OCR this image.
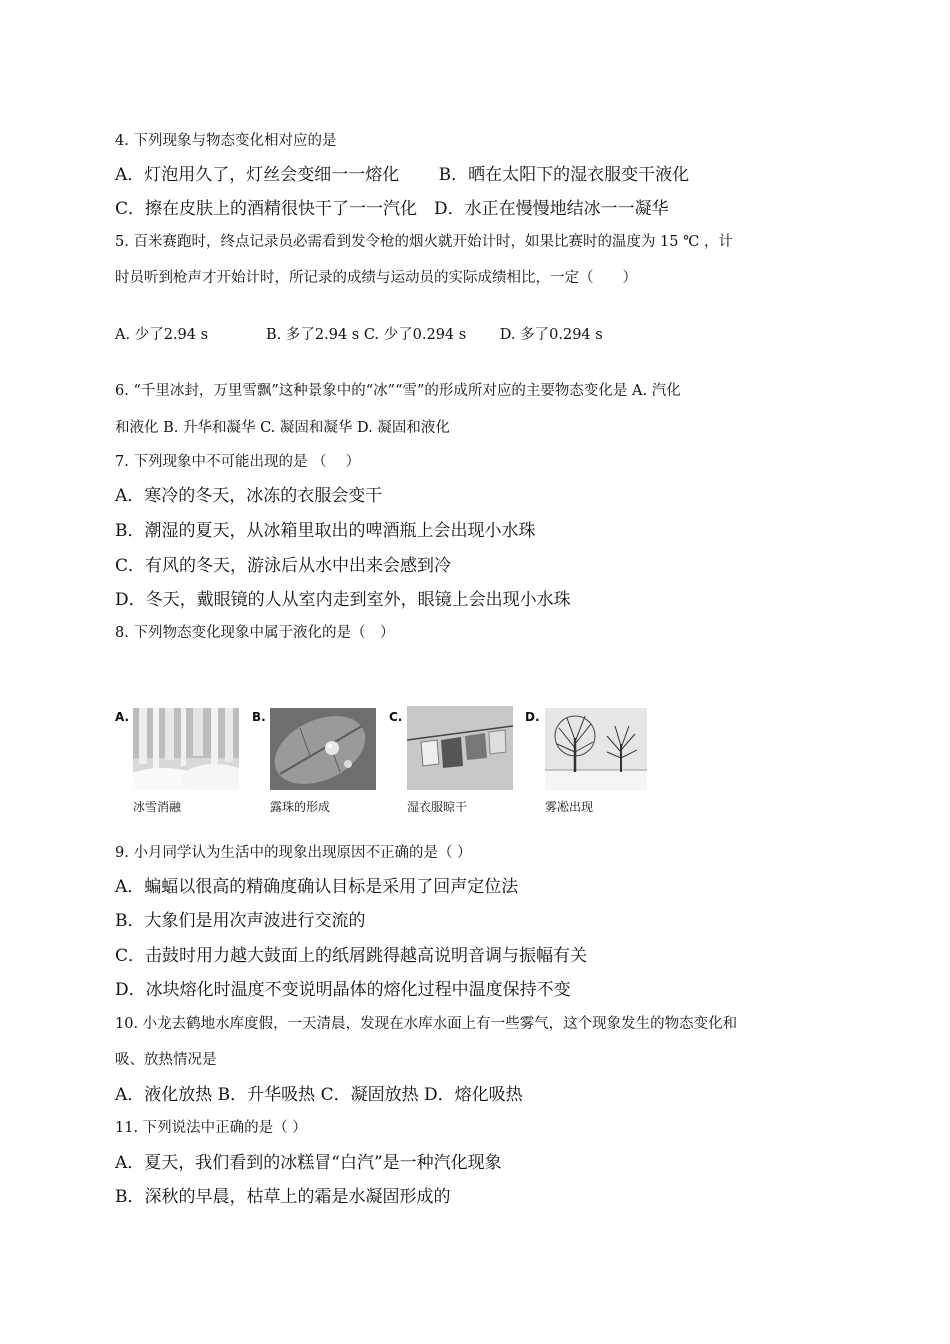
4. 下列现象与物态变化相对应的是
A．灯泡用久了，灯丝会变细一一熔化　　 B．晒在太阳下的湿衣服变干液化
C．擦在皮肤上的酒精很快干了一一汽化　D．水正在慢慢地结冰一一凝华
5. 百米赛跑时，终点记录员必需看到发令枪的烟火就开始计时，如果比赛时的温度为 15 ℃ ，计
时员听到枪声才开始计时，所记录的成绩与运动员的实际成绩相比，一定（　　）
A. 少了2.94 s　　　　B. 多了2.94 s C. 少了0.294 s　　 D. 多了0.294 s
6. “千里冰封，万里雪飘”这种景象中的“冰”“雪”的形成所对应的主要物态变化是 A. 汽化
和液化 B. 升华和凝华 C. 凝固和凝华 D. 凝固和液化
7. 下列现象中不可能出现的是 （　 ）
A．寒冷的冬天，冰冻的衣服会变干
B．潮湿的夏天，从冰箱里取出的啤酒瓶上会出现小水珠
C．有风的冬天，游泳后从水中出来会感到冷
D．冬天，戴眼镜的人从室内走到室外，眼镜上会出现小水珠
8. 下列物态变化现象中属于液化的是（　）
A.
冰雪消融
B.
露珠的形成
C.
湿衣服晾干
D.
雾凇出现
9. 小月同学认为生活中的现象出现原因不正确的是（ ）
A．蝙蝠以很高的精确度确认目标是采用了回声定位法
B．大象们是用次声波进行交流的
C．击鼓时用力越大鼓面上的纸屑跳得越高说明音调与振幅有关
D．冰块熔化时温度不变说明晶体的熔化过程中温度保持不变
10. 小龙去鹤地水库度假，一天清晨，发现在水库水面上有一些雾气，这个现象发生的物态变化和
吸、放热情况是
A．液化放热 B．升华吸热 C．凝固放热 D．熔化吸热
11. 下列说法中正确的是（ ）
A．夏天，我们看到的冰糕冒“白汽”是一种汽化现象
B．深秋的早晨，枯草上的霜是水凝固形成的
